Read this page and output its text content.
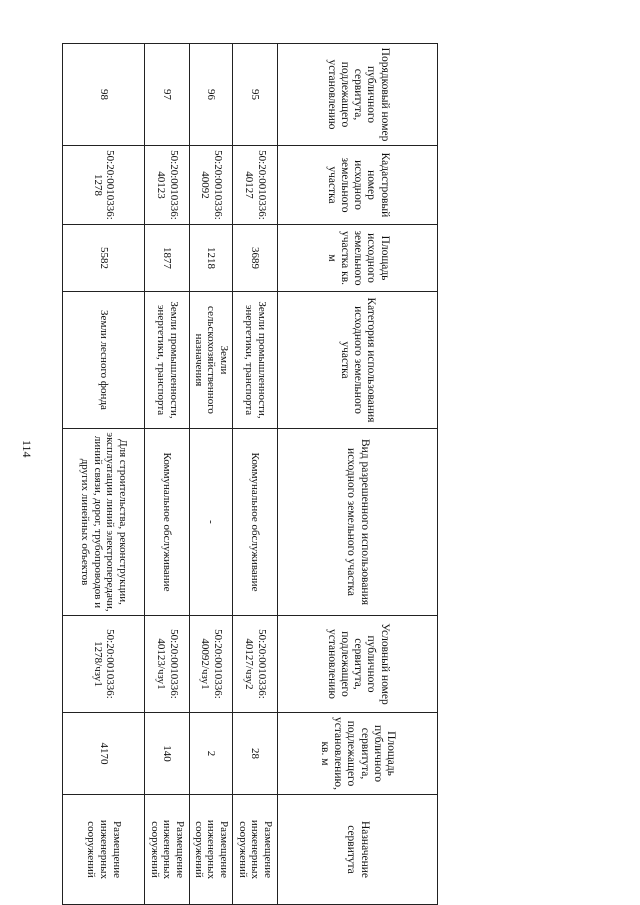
114
Порядковый номер публичного сервитута, подлежащего установлению	Кадастровый номер исходного земельного участка	Площадь исходного земельного участка кв. м	Категория использования исходного земельного участка	Вид разрешенного использования исходного земельного участка	Условный номер публичного сервитута, подлежащего установлению	Площадь публичного сервитута, подлежащего установлению, кв. м	Назначение сервитута
95	50:20:0010336: 40127	3689	Земли промышленности, энергетики, транспорта	Коммунальное обслуживание	50:20:0010336: 40127/чзу2	28	Размещение инженерных сооружений
96	50:20:0010336: 40092	1218	Земли сельскохозяйственного назначения	-	50:20:0010336: 40092/чзу1	2	Размещение инженерных сооружений
97	50:20:0010336: 40123	1877	Земли промышленности, энергетики, транспорта	Коммунальное обслуживание	50:20:0010336: 40123/чзу1	140	Размещение инженерных сооружений
98	50:20:0010336: 1278	5582	Земли лесного фонда	Для строительства, реконструкции, эксплуатации линий электропередачи, линий связи, дорог, трубопроводов и других линейных объектов	50:20:0010336: 1278/чзу1	4170	Размещение инженерных сооружений
